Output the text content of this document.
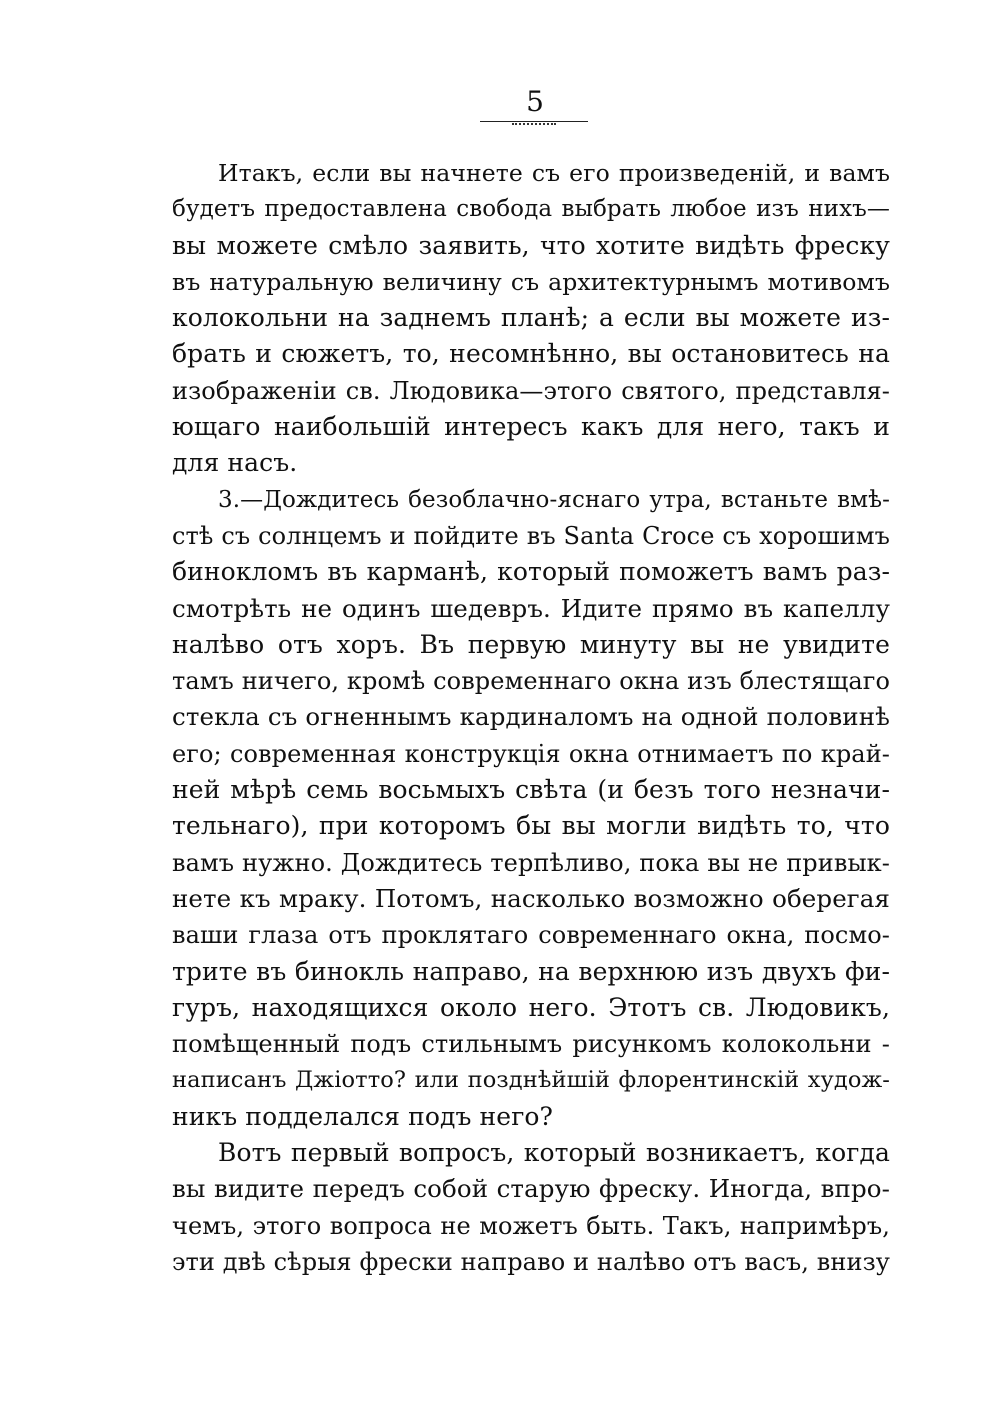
5
Итакъ, если вы начнете съ его произведенiй, и вамъ
будетъ предоставлена свобода выбрать любое изъ нихъ—
вы можете смѣло заявить, что хотите видѣть фреску
въ натуральную величину съ архитектурнымъ мотивомъ
колокольни на заднемъ планѣ; а если вы можете из-
брать и сюжетъ, то, несомнѣнно, вы остановитесь на
изображенiи св. Людовика—этого святого, представля-
ющаго наибольшiй интересъ какъ для него, такъ и
для насъ.
3.—Дождитесь безоблачно-яснаго утра, встаньте вмѣ-
стѣ съ солнцемъ и пойдите въ Santa Croce съ хорошимъ
бинокломъ въ карманѣ, который поможетъ вамъ раз-
смотрѣть не одинъ шедевръ. Идите прямо въ капеллу
налѣво отъ хоръ. Въ первую минуту вы не увидите
тамъ ничего, кромѣ современнаго окна изъ блестящаго
стекла съ огненнымъ кардиналомъ на одной половинѣ
его; современная конструкцiя окна отнимаетъ по край-
ней мѣрѣ семь восьмыхъ свѣта (и безъ того незначи-
тельнаго), при которомъ бы вы могли видѣть то, что
вамъ нужно. Дождитесь терпѣливо, пока вы не привык-
нете къ мраку. Потомъ, насколько возможно оберегая
ваши глаза отъ проклятаго современнаго окна, посмо-
трите въ бинокль направо, на верхнюю изъ двухъ фи-
гуръ, находящихся около него. Этотъ св. Людовикъ,
помѣщенный подъ стильнымъ рисункомъ колокольни -
написанъ Джiотто? или позднѣйшiй флорентинскiй худож-
никъ подделался подъ него?
Вотъ первый вопросъ, который возникаетъ, когда
вы видите передъ собой старую фреску. Иногда, впро-
чемъ, этого вопроса не можетъ быть. Такъ, напримѣръ,
эти двѣ сѣрыя фрески направо и налѣво отъ васъ, внизу
